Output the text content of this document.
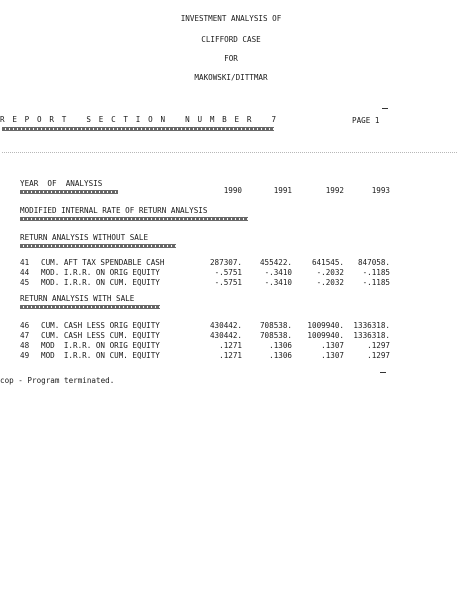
INVESTMENT ANALYSIS OF
CLIFFORD CASE
FOR
MAKOWSKI/DITTMAR
R E P O R T   S E C T I O N   N U M B E R   7	PAGE 1
YEAR  OF  ANALYSIS
1990	1991	1992	1993
MODIFIED INTERNAL RATE OF RETURN ANALYSIS
RETURN ANALYSIS WITHOUT SALE
41 CUM. AFT TAX SPENDABLE CASH	287307.	455422.	641545.	847058.
44 MOD. I.R.R. ON ORIG EQUITY	-.5751	-.3410	-.2032	-.1185
45 MOD. I.R.R. ON CUM. EQUITY	-.5751	-.3410	-.2032	-.1185
RETURN ANALYSIS WITH SALE
46 CUM. CASH LESS ORIG EQUITY	430442.	708538.	1009940.	1336318.
47 CUM. CASH LESS CUM. EQUITY	430442.	708538.	1009940.	1336318.
48 MOD  I.R.R. ON ORIG EQUITY	.1271	.1306	.1307	.1297
49 MOD  I.R.R. ON CUM. EQUITY	.1271	.1306	.1307	.1297
cop - Program terminated.
